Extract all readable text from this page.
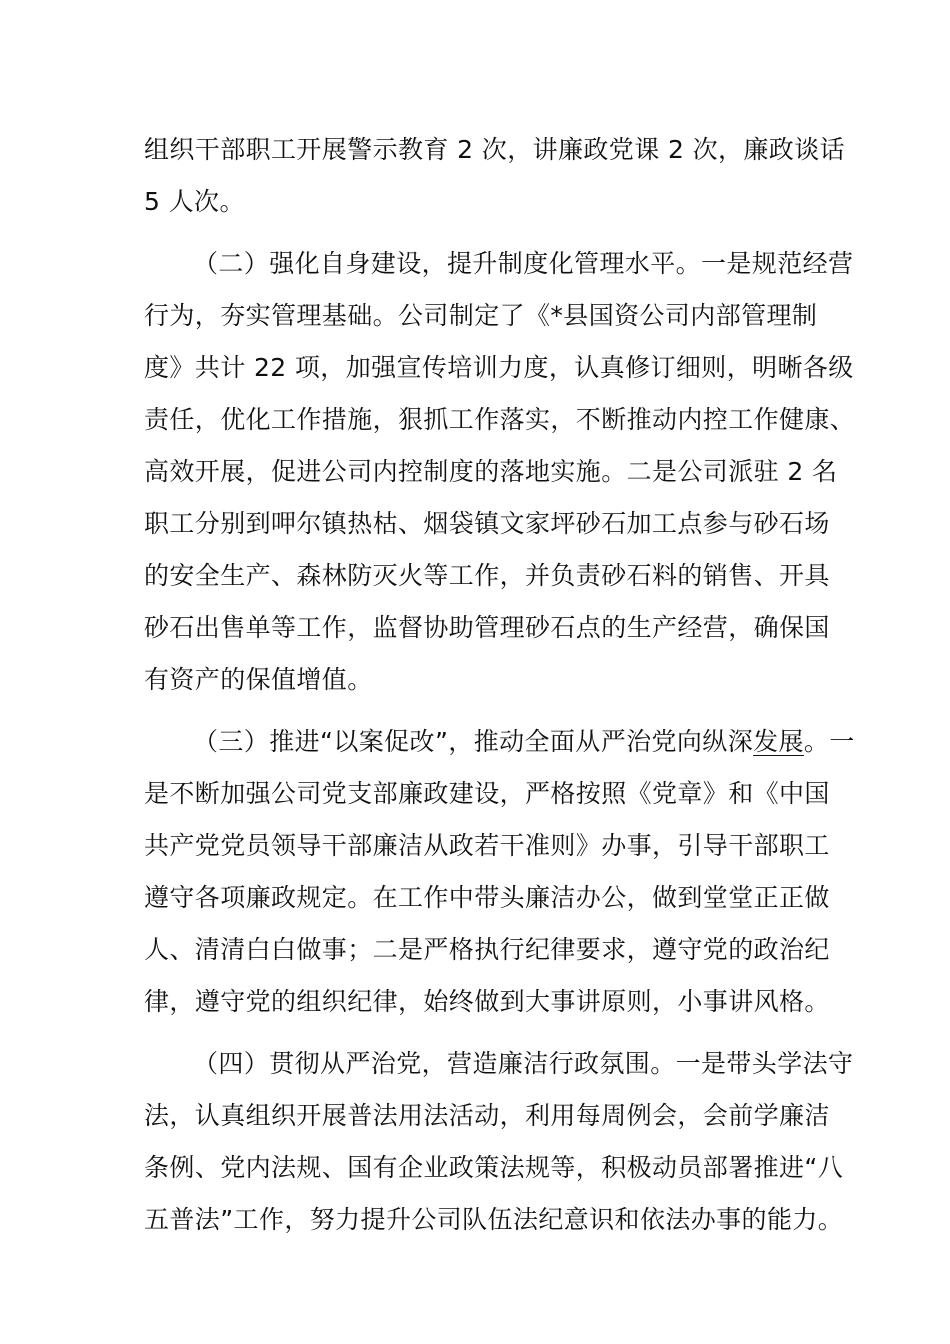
组织干部职工开展警示教育 2 次，讲廉政党课 2 次，廉政谈话
5 人次。
（二）强化自身建设，提升制度化管理水平。一是规范经营
行为，夯实管理基础。公司制定了《*县国资公司内部管理制
度》共计 22 项，加强宣传培训力度，认真修订细则，明晰各级
责任，优化工作措施，狠抓工作落实，不断推动内控工作健康、
高效开展，促进公司内控制度的落地实施。二是公司派驻 2 名
职工分别到呷尔镇热枯、烟袋镇文家坪砂石加工点参与砂石场
的安全生产、森林防灭火等工作，并负责砂石料的销售、开具
砂石出售单等工作，监督协助管理砂石点的生产经营，确保国
有资产的保值增值。
（三）推进“以案促改”，推动全面从严治党向纵深发展。一
是不断加强公司党支部廉政建设，严格按照《党章》和《中国
共产党党员领导干部廉洁从政若干准则》办事，引导干部职工
遵守各项廉政规定。在工作中带头廉洁办公，做到堂堂正正做
人、清清白白做事；二是严格执行纪律要求，遵守党的政治纪
律，遵守党的组织纪律，始终做到大事讲原则，小事讲风格。
（四）贯彻从严治党，营造廉洁行政氛围。一是带头学法守
法，认真组织开展普法用法活动，利用每周例会，会前学廉洁
条例、党内法规、国有企业政策法规等，积极动员部署推进“八
五普法”工作，努力提升公司队伍法纪意识和依法办事的能力。
